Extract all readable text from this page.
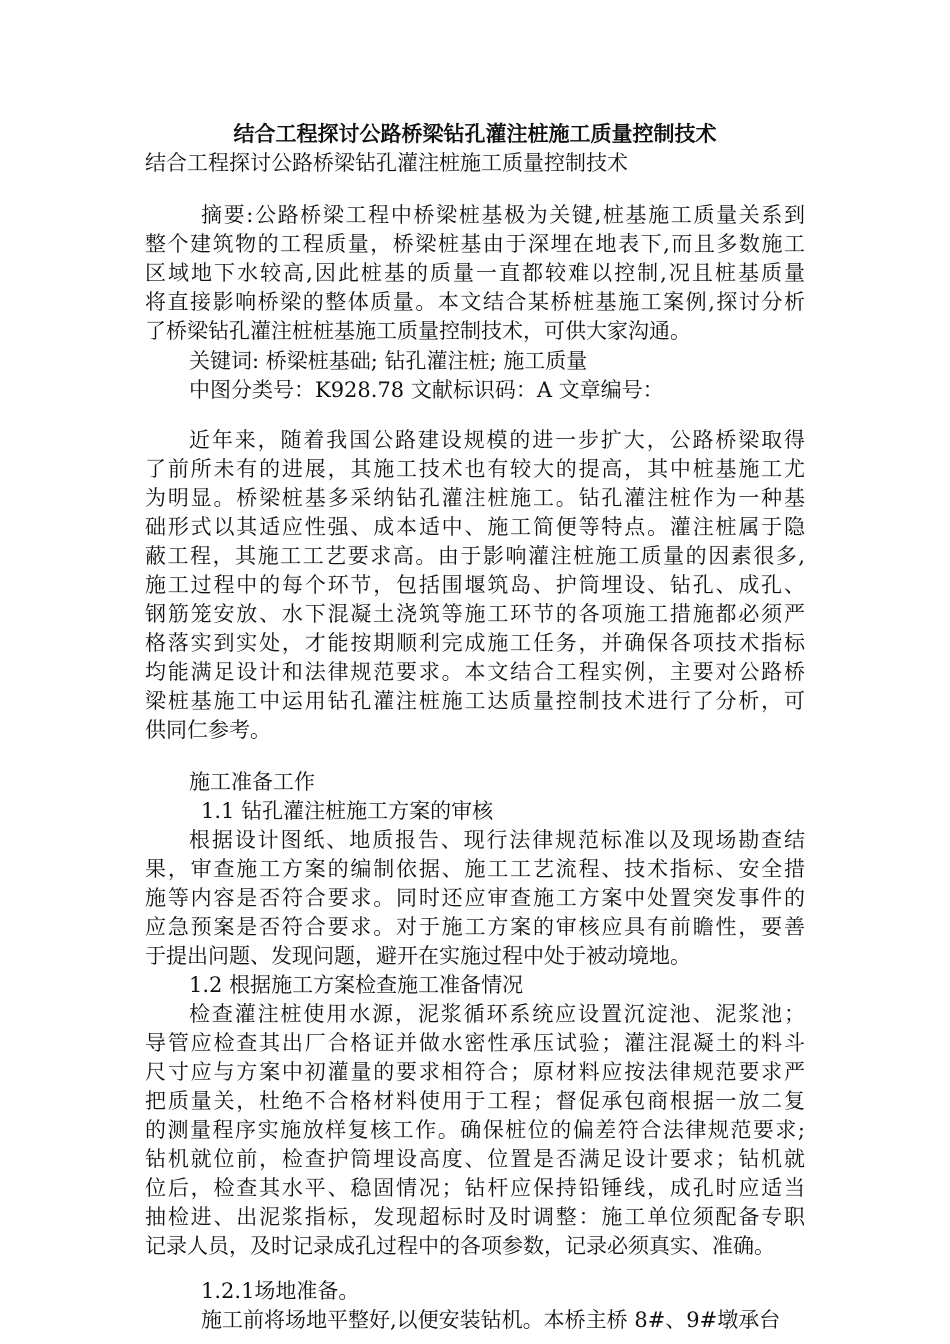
结合工程探讨公路桥梁钻孔灌注桩施工质量控制技术
结合工程探讨公路桥梁钻孔灌注桩施工质量控制技术
摘要:公路桥梁工程中桥梁桩基极为关键,桩基施工质量关系到
整个建筑物的工程质量，桥梁桩基由于深埋在地表下,而且多数施工
区域地下水较高,因此桩基的质量一直都较难以控制,况且桩基质量
将直接影响桥梁的整体质量。本文结合某桥桩基施工案例,探讨分析
了桥梁钻孔灌注桩桩基施工质量控制技术，可供大家沟通。
关键词: 桥梁桩基础; 钻孔灌注桩; 施工质量
中图分类号：K928.78 文献标识码：A 文章编号：
近年来，随着我国公路建设规模的进一步扩大，公路桥梁取得
了前所未有的进展，其施工技术也有较大的提高，其中桩基施工尤
为明显。桥梁桩基多采纳钻孔灌注桩施工。钻孔灌注桩作为一种基
础形式以其适应性强、成本适中、施工简便等特点。灌注桩属于隐
蔽工程，其施工工艺要求高。由于影响灌注桩施工质量的因素很多,
施工过程中的每个环节，包括围堰筑岛、护筒埋设、钻孔、成孔、
钢筋笼安放、水下混凝土浇筑等施工环节的各项施工措施都必须严
格落实到实处，才能按期顺利完成施工任务，并确保各项技术指标
均能满足设计和法律规范要求。本文结合工程实例，主要对公路桥
梁桩基施工中运用钻孔灌注桩施工达质量控制技术进行了分析，可
供同仁参考。
施工准备工作
1.1 钻孔灌注桩施工方案的审核
根据设计图纸、地质报告、现行法律规范标准以及现场勘查结
果，审查施工方案的编制依据、施工工艺流程、技术指标、安全措
施等内容是否符合要求。同时还应审查施工方案中处置突发事件的
应急预案是否符合要求。对于施工方案的审核应具有前瞻性，要善
于提出问题、发现问题，避开在实施过程中处于被动境地。
1.2 根据施工方案检查施工准备情况
检查灌注桩使用水源，泥浆循环系统应设置沉淀池、泥浆池；
导管应检查其出厂合格证并做水密性承压试验；灌注混凝土的料斗
尺寸应与方案中初灌量的要求相符合；原材料应按法律规范要求严
把质量关，杜绝不合格材料使用于工程；督促承包商根据一放二复
的测量程序实施放样复核工作。确保桩位的偏差符合法律规范要求;
钻机就位前，检查护筒埋设高度、位置是否满足设计要求；钻机就
位后，检查其水平、稳固情况；钻杆应保持铅锤线，成孔时应适当
抽检进、出泥浆指标，发现超标时及时调整：施工单位须配备专职
记录人员，及时记录成孔过程中的各项参数，记录必须真实、准确。
1.2.1场地准备。
施工前将场地平整好,以便安装钻机。本桥主桥 8#、9#墩承台
